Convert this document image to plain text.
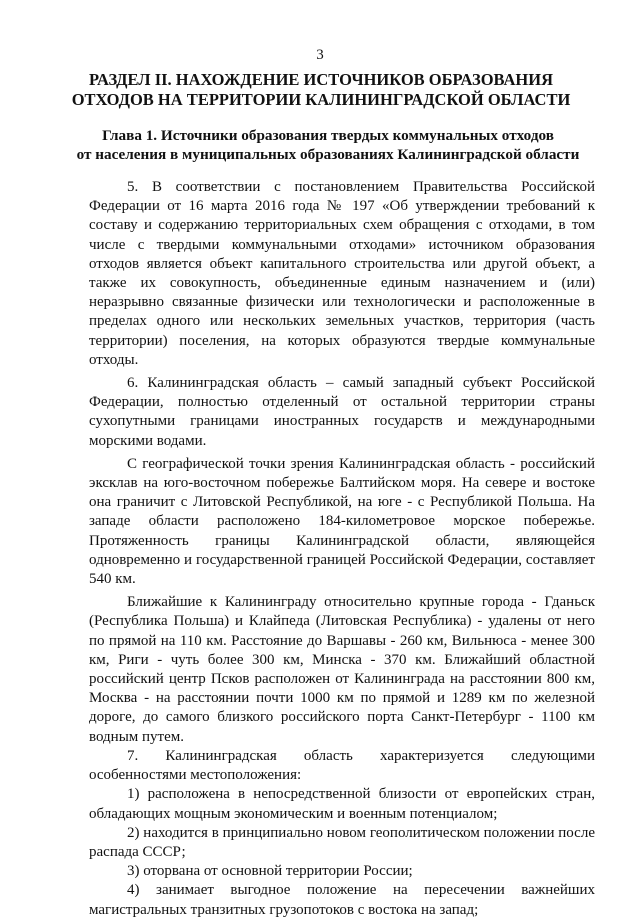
3
РАЗДЕЛ II. НАХОЖДЕНИЕ ИСТОЧНИКОВ ОБРАЗОВАНИЯ
ОТХОДОВ НА ТЕРРИТОРИИ КАЛИНИНГРАДСКОЙ ОБЛАСТИ
Глава 1. Источники образования твердых коммунальных отходов
от населения в муниципальных образованиях Калининградской области

5. В соответствии с постановлением Правительства Российской Федерации от 16 марта 2016 года № 197 «Об утверждении требований к составу и содержанию территориальных схем обращения с отходами, в том числе с твердыми коммунальными отходами» источником образования отходов является объект капитального строительства или другой объект, а также их совокупность, объединенные единым назначением и (или) неразрывно связанные физически или технологически и расположенные в пределах одного или нескольких земельных участков, территория (часть территории) поселения, на которых образуются твердые коммунальные отходы.

6. Калининградская область – самый западный субъект Российской Федерации, полностью отделенный от остальной территории страны сухопутными границами иностранных государств и международными морскими водами.

С географической точки зрения Калининградская область - российский эксклав на юго-восточном побережье Балтийском моря. На севере и востоке она граничит с Литовской Республикой, на юге - с Республикой Польша. На западе области расположено 184-километровое морское побережье. Протяженность границы Калининградской области, являющейся одновременно и государственной границей Российской Федерации, составляет 540 км.

Ближайшие к Калининграду относительно крупные города - Гданьск (Республика Польша) и Клайпеда (Литовская Республика) - удалены от него по прямой на 110 км. Расстояние до Варшавы - 260 км, Вильнюса - менее 300 км, Риги - чуть более 300 км, Минска - 370 км. Ближайший областной российский центр Псков расположен от Калининграда на расстоянии 800 км, Москва - на расстоянии почти 1000 км по прямой и 1289 км по железной дороге, до самого близкого российского порта Санкт-Петербург - 1100 км водным путем.

7. Калининградская область характеризуется следующими особенностями местоположения:

1) расположена в непосредственной близости от европейских стран, обладающих мощным экономическим и военным потенциалом;

2) находится в принципиально новом геополитическом положении после распада СССР;

3) оторвана от основной территории России;

4) занимает выгодное положение на пересечении важнейших магистральных транзитных грузопотоков с востока на запад;
